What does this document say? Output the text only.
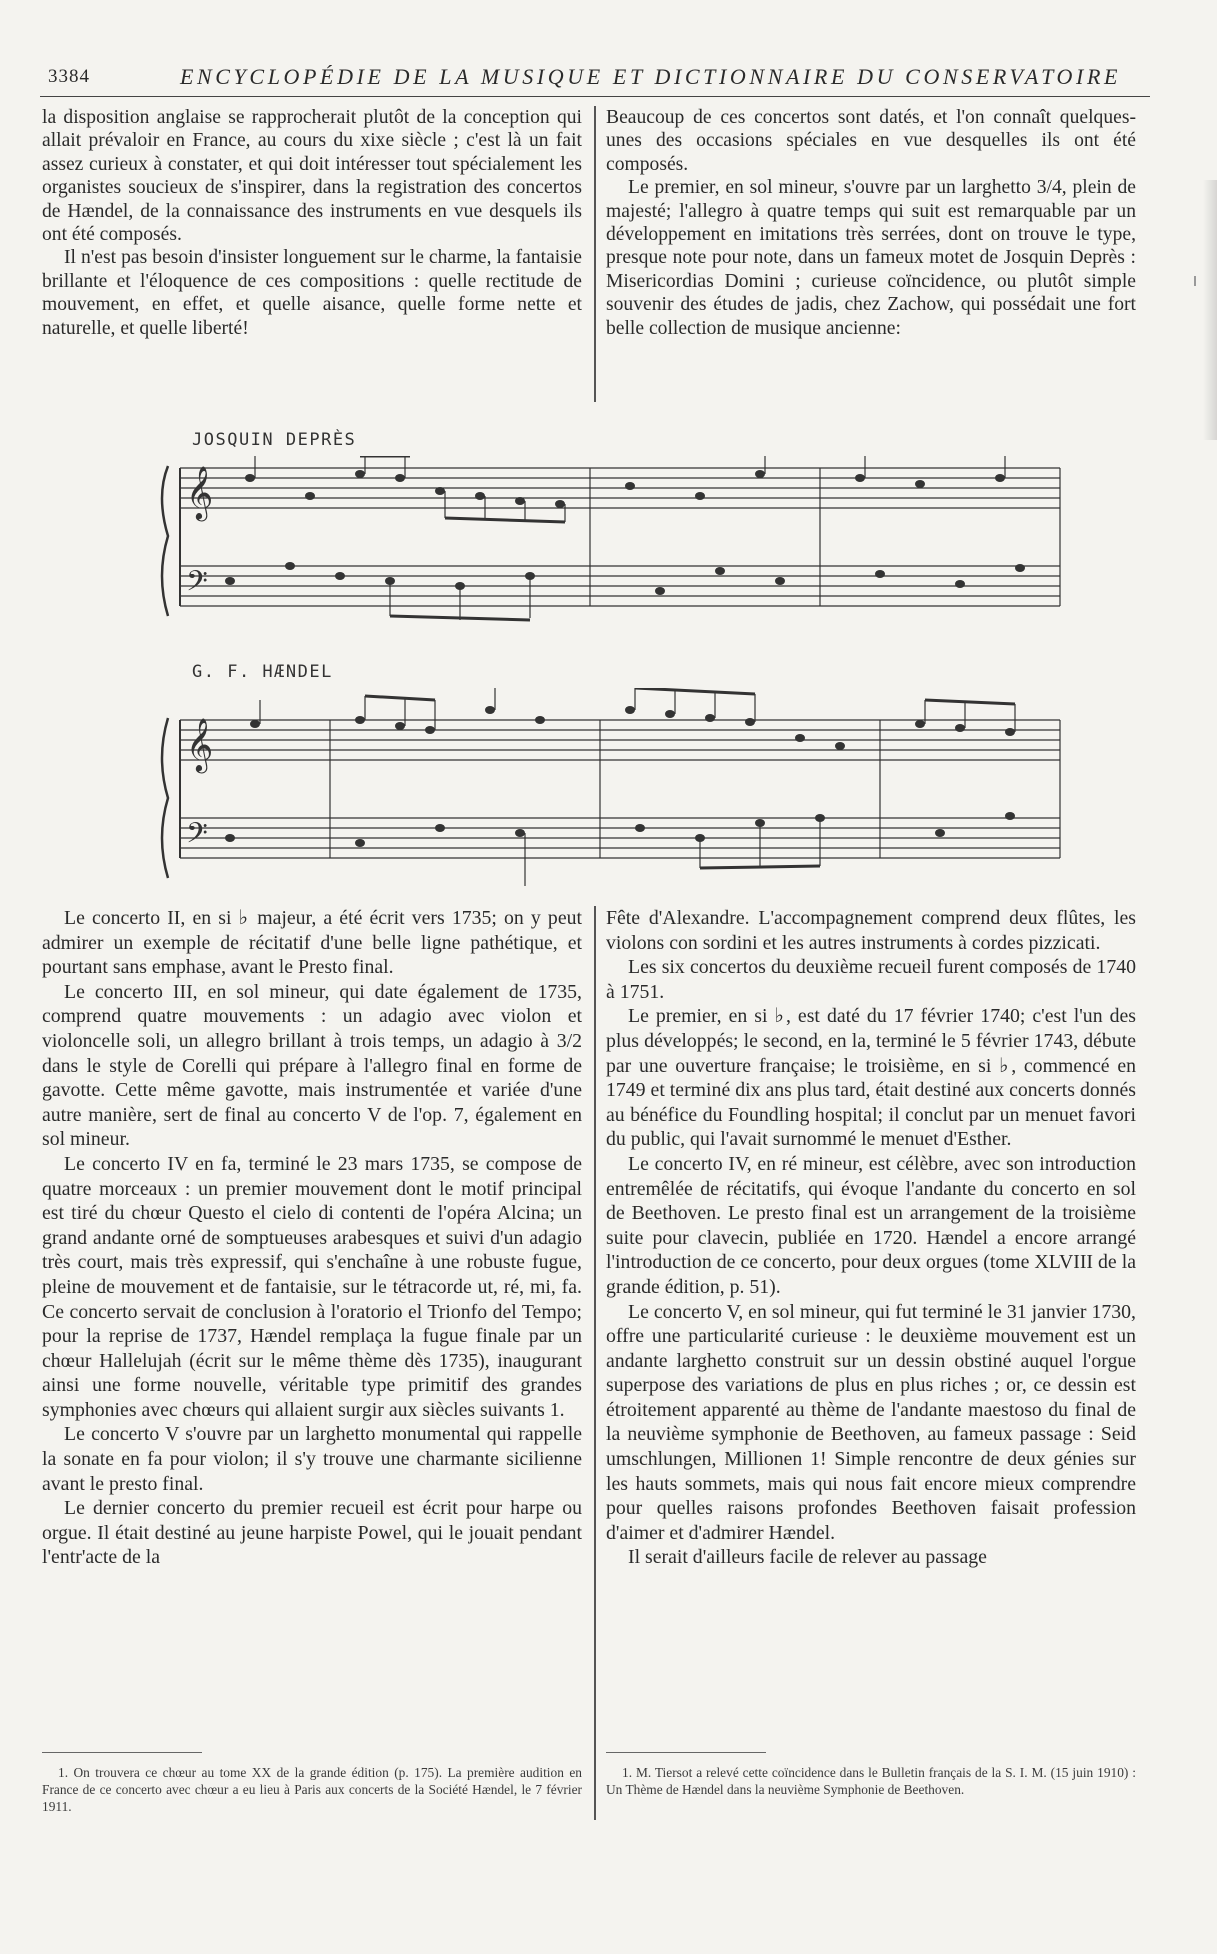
3384	ENCYCLOPÉDIE DE LA MUSIQUE ET DICTIONNAIRE DU CONSERVATOIRE

la disposition anglaise se rapprocherait plutôt de la conception qui allait prévaloir en France, au cours du xixe siècle ; c'est là un fait assez curieux à constater, et qui doit intéresser tout spécialement les organistes soucieux de s'inspirer, dans la registration des concertos de Hændel, de la connaissance des instruments en vue desquels ils ont été composés.

Il n'est pas besoin d'insister longuement sur le charme, la fantaisie brillante et l'éloquence de ces compositions : quelle rectitude de mouvement, en effet, et quelle aisance, quelle forme nette et naturelle, et quelle liberté!

Beaucoup de ces concertos sont datés, et l'on connaît quelques-unes des occasions spéciales en vue desquelles ils ont été composés.

Le premier, en sol mineur, s'ouvre par un larghetto 3/4, plein de majesté; l'allegro à quatre temps qui suit est remarquable par un développement en imitations très serrées, dont on trouve le type, presque note pour note, dans un fameux motet de Josquin Deprès : Misericordias Domini ; curieuse coïncidence, ou plutôt simple souvenir des études de jadis, chez Zachow, qui possédait une fort belle collection de musique ancienne:

JOSQUIN DEPRÈS
𝄞
𝄢
G. F. HÆNDEL
𝄞
𝄢

Le concerto II, en si ♭ majeur, a été écrit vers 1735; on y peut admirer un exemple de récitatif d'une belle ligne pathétique, et pourtant sans emphase, avant le Presto final.

Le concerto III, en sol mineur, qui date également de 1735, comprend quatre mouvements : un adagio avec violon et violoncelle soli, un allegro brillant à trois temps, un adagio à 3/2 dans le style de Corelli qui prépare à l'allegro final en forme de gavotte. Cette même gavotte, mais instrumentée et variée d'une autre manière, sert de final au concerto V de l'op. 7, également en sol mineur.

Le concerto IV en fa, terminé le 23 mars 1735, se compose de quatre morceaux : un premier mouvement dont le motif principal est tiré du chœur Questo el cielo di contenti de l'opéra Alcina; un grand andante orné de somptueuses arabesques et suivi d'un adagio très court, mais très expressif, qui s'enchaîne à une robuste fugue, pleine de mouvement et de fantaisie, sur le tétracorde ut, ré, mi, fa. Ce concerto servait de conclusion à l'oratorio el Trionfo del Tempo; pour la reprise de 1737, Hændel remplaça la fugue finale par un chœur Hallelujah (écrit sur le même thème dès 1735), inaugurant ainsi une forme nouvelle, véritable type primitif des grandes symphonies avec chœurs qui allaient surgir aux siècles suivants 1.

Le concerto V s'ouvre par un larghetto monumental qui rappelle la sonate en fa pour violon; il s'y trouve une charmante sicilienne avant le presto final.

Le dernier concerto du premier recueil est écrit pour harpe ou orgue. Il était destiné au jeune harpiste Powel, qui le jouait pendant l'entr'acte de la

Fête d'Alexandre. L'accompagnement comprend deux flûtes, les violons con sordini et les autres instruments à cordes pizzicati.

Les six concertos du deuxième recueil furent composés de 1740 à 1751.

Le premier, en si ♭, est daté du 17 février 1740; c'est l'un des plus développés; le second, en la, terminé le 5 février 1743, débute par une ouverture française; le troisième, en si ♭, commencé en 1749 et terminé dix ans plus tard, était destiné aux concerts donnés au bénéfice du Foundling hospital; il conclut par un menuet favori du public, qui l'avait surnommé le menuet d'Esther.

Le concerto IV, en ré mineur, est célèbre, avec son introduction entremêlée de récitatifs, qui évoque l'andante du concerto en sol de Beethoven. Le presto final est un arrangement de la troisième suite pour clavecin, publiée en 1720. Hændel a encore arrangé l'introduction de ce concerto, pour deux orgues (tome XLVIII de la grande édition, p. 51).

Le concerto V, en sol mineur, qui fut terminé le 31 janvier 1730, offre une particularité curieuse : le deuxième mouvement est un andante larghetto construit sur un dessin obstiné auquel l'orgue superpose des variations de plus en plus riches ; or, ce dessin est étroitement apparenté au thème de l'andante maestoso du final de la neuvième symphonie de Beethoven, au fameux passage : Seid umschlungen, Millionen 1! Simple rencontre de deux génies sur les hauts sommets, mais qui nous fait encore mieux comprendre pour quelles raisons profondes Beethoven faisait profession d'aimer et d'admirer Hændel.

Il serait d'ailleurs facile de relever au passage

1. On trouvera ce chœur au tome XX de la grande édition (p. 175). La première audition en France de ce concerto avec chœur a eu lieu à Paris aux concerts de la Société Hændel, le 7 février 1911.

1. M. Tiersot a relevé cette coïncidence dans le Bulletin français de la S. I. M. (15 juin 1910) : Un Thème de Hændel dans la neuvième Symphonie de Beethoven.
